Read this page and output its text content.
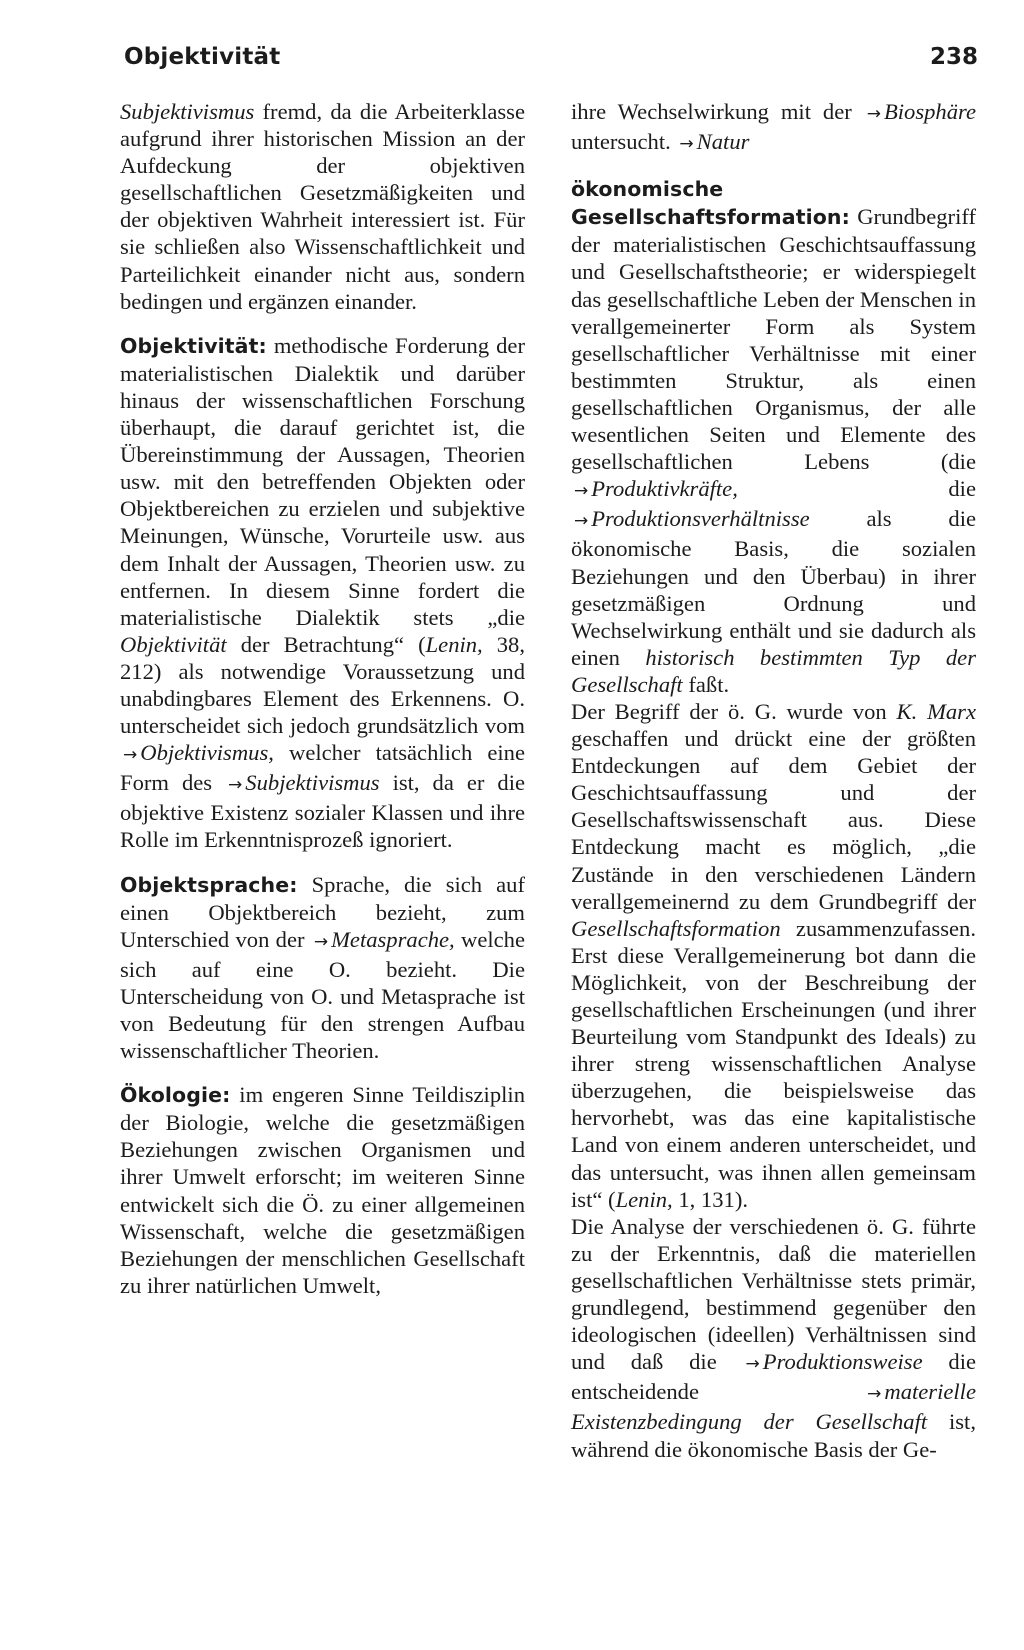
Objektivität	238

Subjektivismus fremd, da die Arbeiterklasse aufgrund ihrer historischen Mission an der Aufdeckung der objektiven gesellschaftlichen Gesetzmäßigkeiten und der objektiven Wahrheit interessiert ist. Für sie schließen also Wissenschaftlichkeit und Parteilichkeit einander nicht aus, sondern bedingen und ergänzen einander.

Objektivität: methodische Forderung der materialistischen Dialektik und darüber hinaus der wissenschaftlichen Forschung überhaupt, die darauf gerichtet ist, die Übereinstimmung der Aussagen, Theorien usw. mit den betreffenden Objekten oder Objektbereichen zu erzielen und subjektive Meinungen, Wünsche, Vorurteile usw. aus dem Inhalt der Aussagen, Theorien usw. zu entfernen. In diesem Sinne fordert die materialistische Dialektik stets „die Objektivität der Betrachtung“ (Lenin, 38, 212) als notwendige Voraussetzung und unabdingbares Element des Erkennens. O. unterscheidet sich jedoch grundsätzlich vom → Objektivismus, welcher tatsächlich eine Form des → Subjektivismus ist, da er die objektive Existenz sozialer Klassen und ihre Rolle im Erkenntnisprozeß ignoriert.

Objektsprache: Sprache, die sich auf einen Objektbereich bezieht, zum Unterschied von der → Metasprache, welche sich auf eine O. bezieht. Die Unterscheidung von O. und Metasprache ist von Bedeutung für den strengen Aufbau wissenschaftlicher Theorien.

Ökologie: im engeren Sinne Teildisziplin der Biologie, welche die gesetzmäßigen Beziehungen zwischen Organismen und ihrer Umwelt erforscht; im weiteren Sinne entwickelt sich die Ö. zu einer allgemeinen Wissenschaft, welche die gesetzmäßigen Beziehungen der menschlichen Gesellschaft zu ihrer natürlichen Umwelt,

ihre Wechselwirkung mit der → Biosphäre untersucht. → Natur

ökonomische Gesellschaftsformation: Grundbegriff der materialistischen Geschichtsauffassung und Gesellschaftstheorie; er widerspiegelt das gesellschaftliche Leben der Menschen in verallgemeinerter Form als System gesellschaftlicher Verhältnisse mit einer bestimmten Struktur, als einen gesellschaftlichen Organismus, der alle wesentlichen Seiten und Elemente des gesellschaftlichen Lebens (die → Produktivkräfte, die → Produktionsverhältnisse als die ökonomische Basis, die sozialen Beziehungen und den Überbau) in ihrer gesetzmäßigen Ordnung und Wechselwirkung enthält und sie dadurch als einen historisch bestimmten Typ der Gesellschaft faßt.

Der Begriff der ö. G. wurde von K. Marx geschaffen und drückt eine der größten Entdeckungen auf dem Gebiet der Geschichtsauffassung und der Gesellschaftswissenschaft aus. Diese Entdeckung macht es möglich, „die Zustände in den verschiedenen Ländern verallgemeinernd zu dem Grundbegriff der Gesellschaftsformation zusammenzufassen. Erst diese Verallgemeinerung bot dann die Möglichkeit, von der Beschreibung der gesellschaftlichen Erscheinungen (und ihrer Beurteilung vom Standpunkt des Ideals) zu ihrer streng wissenschaftlichen Analyse überzugehen, die beispielsweise das hervorhebt, was das eine kapitalistische Land von einem anderen unterscheidet, und das untersucht, was ihnen allen gemeinsam ist“ (Lenin, 1, 131).

Die Analyse der verschiedenen ö. G. führte zu der Erkenntnis, daß die materiellen gesellschaftlichen Verhältnisse stets primär, grundlegend, bestimmend gegenüber den ideologischen (ideellen) Verhältnissen sind und daß die → Produktionsweise die entscheidende → materielle Existenzbedingung der Gesellschaft ist, während die ökonomische Basis der Ge-
